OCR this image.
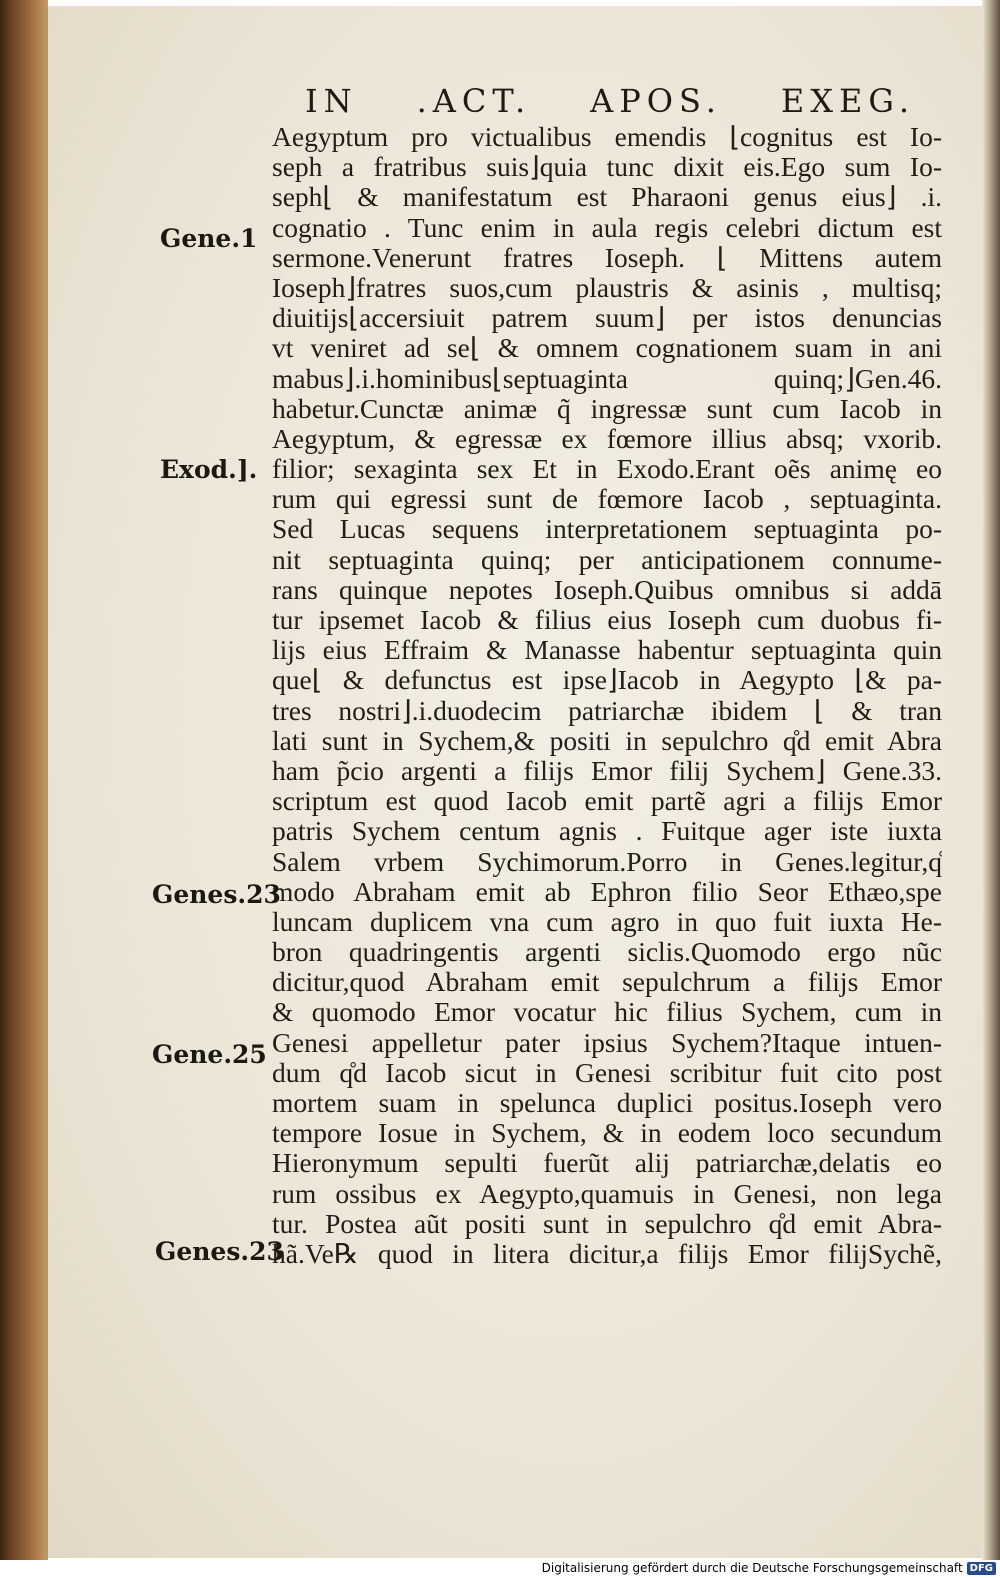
IN .ACT. APOS. EXEG.
Gene.1
Exod.].
Genes.23
Gene.25
Genes.23
Aegyptum pro victualibus emendis ⌊cognitus est Io-
seph a fratribus suis⌋quia tunc dixit eis.Ego sum Io-
seph⌊ & manifestatum est Pharaoni genus eius⌋ .i.
cognatio . Tunc enim in aula regis celebri dictum est
sermone.Venerunt fratres Ioseph. ⌊ Mittens autem
Ioseph⌋fratres suos,cum plaustris & asinis , multisq;
diuitijs⌊accersiuit patrem suum⌋ per istos denuncias
vt veniret ad se⌊ & omnem cognationem suam in ani
mabus⌋.i.hominibus⌊septuaginta quinq;⌋Gen.46.
habetur.Cunctæ animæ q̃ ingressæ sunt cum Iacob in
Aegyptum, & egressæ ex fœmore illius absq; vxorib.
filior; sexaginta sex Et in Exodo.Erant oẽs animę eo
rum qui egressi sunt de fœmore Iacob , septuaginta.
Sed Lucas sequens interpretationem septuaginta po-
nit septuaginta quinq; per anticipationem connume-
rans quinque nepotes Ioseph.Quibus omnibus si addā
tur ipsemet Iacob & filius eius Ioseph cum duobus fi-
lijs eius Effraim & Manasse habentur septuaginta quin
que⌊ & defunctus est ipse⌋Iacob in Aegypto ⌊& pa-
tres nostri⌋.i.duodecim patriarchæ ibidem ⌊ & tran
lati sunt in Sychem,& positi in sepulchro q̊d emit Abra
ham p̃cio argenti a filijs Emor filij Sychem⌋ Gene.33.
scriptum est quod Iacob emit partẽ agri a filijs Emor
patris Sychem centum agnis . Fuitque ager iste iuxta
Salem vrbem Sychimorum.Porro in Genes.legitur,q̊
modo Abraham emit ab Ephron filio Seor Ethæo,spe
luncam duplicem vna cum agro in quo fuit iuxta He-
bron quadringentis argenti siclis.Quomodo ergo nũc
dicitur,quod Abraham emit sepulchrum a filijs Emor
& quomodo Emor vocatur hic filius Sychem, cum in
Genesi appelletur pater ipsius Sychem?Itaque intuen-
dum q̊d Iacob sicut in Genesi scribitur fuit cito post
mortem suam in spelunca duplici positus.Ioseph vero
tempore Iosue in Sychem, & in eodem loco secundum
Hieronymum sepulti fuerũt alij patriarchæ,delatis eo
rum ossibus ex Aegypto,quamuis in Genesi, non lega
tur. Postea aũt positi sunt in sepulchro q̊d emit Abra-
hã.Ve℞ quod in litera dicitur,a filijs Emor filijSychẽ,
Digitalisierung gefördert durch die Deutsche Forschungsgemeinschaft DFG
